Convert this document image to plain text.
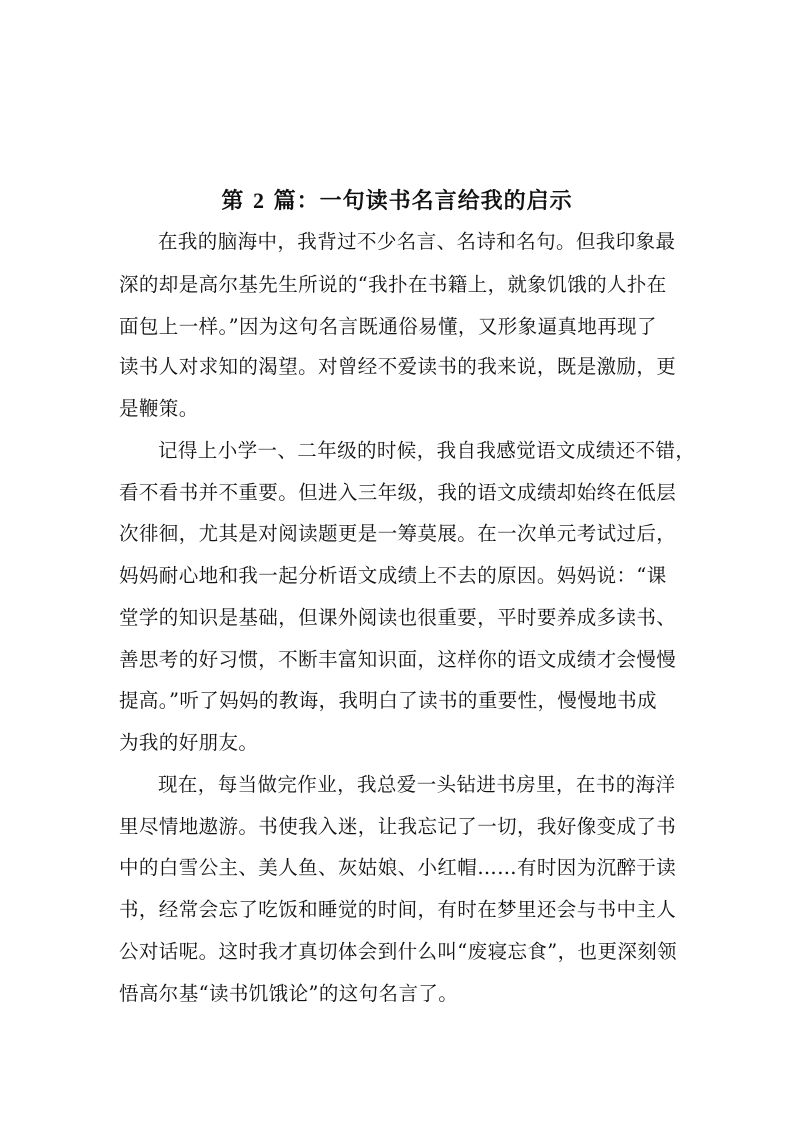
第 2 篇：一句读书名言给我的启示
在我的脑海中，我背过不少名言、名诗和名句。但我印象最
深的却是高尔基先生所说的“我扑在书籍上，就象饥饿的人扑在
面包上一样。”因为这句名言既通俗易懂，又形象逼真地再现了
读书人对求知的渴望。对曾经不爱读书的我来说，既是激励，更
是鞭策。
记得上小学一、二年级的时候，我自我感觉语文成绩还不错，
看不看书并不重要。但进入三年级，我的语文成绩却始终在低层
次徘徊，尤其是对阅读题更是一筹莫展。在一次单元考试过后，
妈妈耐心地和我一起分析语文成绩上不去的原因。妈妈说：“课
堂学的知识是基础，但课外阅读也很重要，平时要养成多读书、
善思考的好习惯，不断丰富知识面，这样你的语文成绩才会慢慢
提高。”听了妈妈的教诲，我明白了读书的重要性，慢慢地书成
为我的好朋友。
现在，每当做完作业，我总爱一头钻进书房里，在书的海洋
里尽情地遨游。书使我入迷，让我忘记了一切，我好像变成了书
中的白雪公主、美人鱼、灰姑娘、小红帽……有时因为沉醉于读
书，经常会忘了吃饭和睡觉的时间，有时在梦里还会与书中主人
公对话呢。这时我才真切体会到什么叫“废寝忘食”，也更深刻领
悟高尔基“读书饥饿论”的这句名言了。
